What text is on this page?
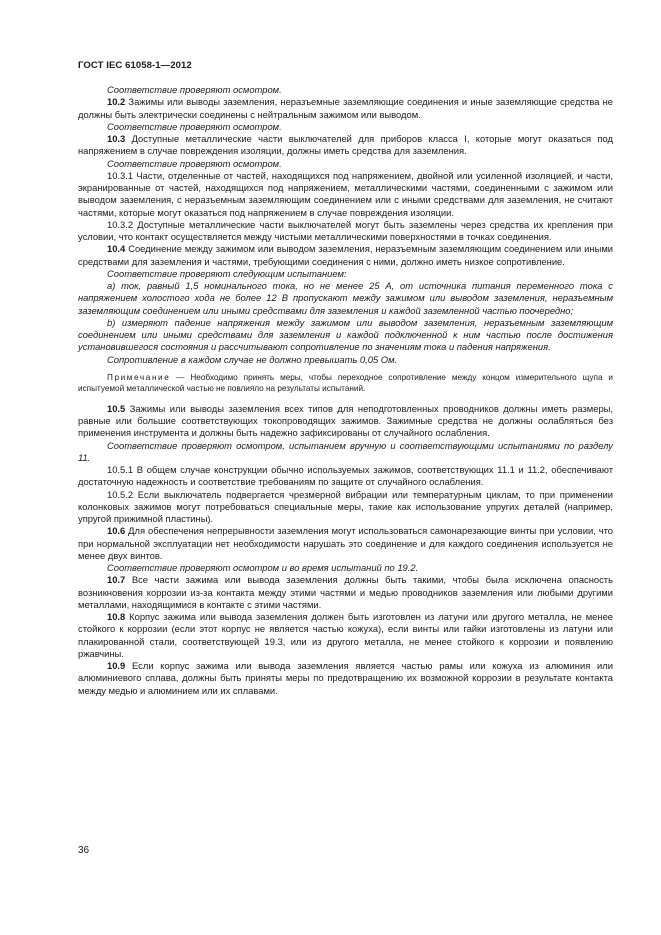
ГОСТ IEC 61058-1—2012

Соответствие проверяют осмотром.

10.2 Зажимы или выводы заземления, неразъемные заземляющие соединения и иные заземляющие средства не должны быть электрически соединены с нейтральным зажимом или выводом.

Соответствие проверяют осмотром.

10.3 Доступные металлические части выключателей для приборов класса I, которые могут оказаться под напряжением в случае повреждения изоляции, должны иметь средства для заземления.

Соответствие проверяют осмотром.

10.3.1 Части, отделенные от частей, находящихся под напряжением, двойной или усиленной изоляцией, и части, экранированные от частей, находящихся под напряжением, металлическими частями, соединенными с зажимом или выводом заземления, с неразъемным заземляющим соединением или с иными средствами для заземления, не считают частями, которые могут оказаться под напряжением в случае повреждения изоляции.

10.3.2 Доступные металлические части выключателей могут быть заземлены через средства их крепления при условии, что контакт осуществляется между чистыми металлическими поверхностями в точках соединения.

10.4 Соединение между зажимом или выводом заземления, неразъемным заземляющим соединением или иными средствами для заземления и частями, требующими соединения с ними, должно иметь низкое сопротивление.

Соответствие проверяют следующим испытанием:

a) ток, равный 1,5 номинального тока, но не менее 25 А, от источника питания переменного тока с напряжением холостого хода не более 12 В пропускают между зажимом или выводом заземления, неразъемным заземляющим соединением или иными средствами для заземления и каждой заземленной частью поочередно;

b) измеряют падение напряжения между зажимом или выводом заземления, неразъемным заземляющим соединением или иными средствами для заземления и каждой подключенной к ним частью после достижения установившегося состояния и рассчитывают сопротивление по значениям тока и падения напряжения.

Сопротивление в каждом случае не должно превышать 0,05 Ом.

Примечание — Необходимо принять меры, чтобы переходное сопротивление между концом измерительного щупа и испытуемой металлической частью не повлияло на результаты испытаний.

10.5 Зажимы или выводы заземления всех типов для неподготовленных проводников должны иметь размеры, равные или большие соответствующих токопроводящих зажимов. Зажимные средства не должны ослабляться без применения инструмента и должны быть надежно зафиксированы от случайного ослабления.

Соответствие проверяют осмотром, испытанием вручную и соответствующими испытаниями по разделу 11.

10.5.1 В общем случае конструкции обычно используемых зажимов, соответствующих 11.1 и 11.2, обеспечивают достаточную надежность и соответствие требованиям по защите от случайного ослабления.

10.5.2 Если выключатель подвергается чрезмерной вибрации или температурным циклам, то при применении колонковых зажимов могут потребоваться специальные меры, такие как использование упругих деталей (например, упругой прижимной пластины).

10.6 Для обеспечения непрерывности заземления могут использоваться самонарезающие винты при условии, что при нормальной эксплуатации нет необходимости нарушать это соединение и для каждого соединения используется не менее двух винтов.

Соответствие проверяют осмотром и во время испытаний по 19.2.

10.7 Все части зажима или вывода заземления должны быть такими, чтобы была исключена опасность возникновения коррозии из-за контакта между этими частями и медью проводников заземления или любыми другими металлами, находящимися в контакте с этими частями.

10.8 Корпус зажима или вывода заземления должен быть изготовлен из латуни или другого металла, не менее стойкого к коррозии (если этот корпус не является частью кожуха), если винты или гайки изготовлены из латуни или плакированной стали, соответствующей 19.3, или из другого металла, не менее стойкого к коррозии и появлению ржавчины.

10.9 Если корпус зажима или вывода заземления является частью рамы или кожуха из алюминия или алюминиевого сплава, должны быть приняты меры по предотвращению их возможной коррозии в результате контакта между медью и алюминием или их сплавами.

36
